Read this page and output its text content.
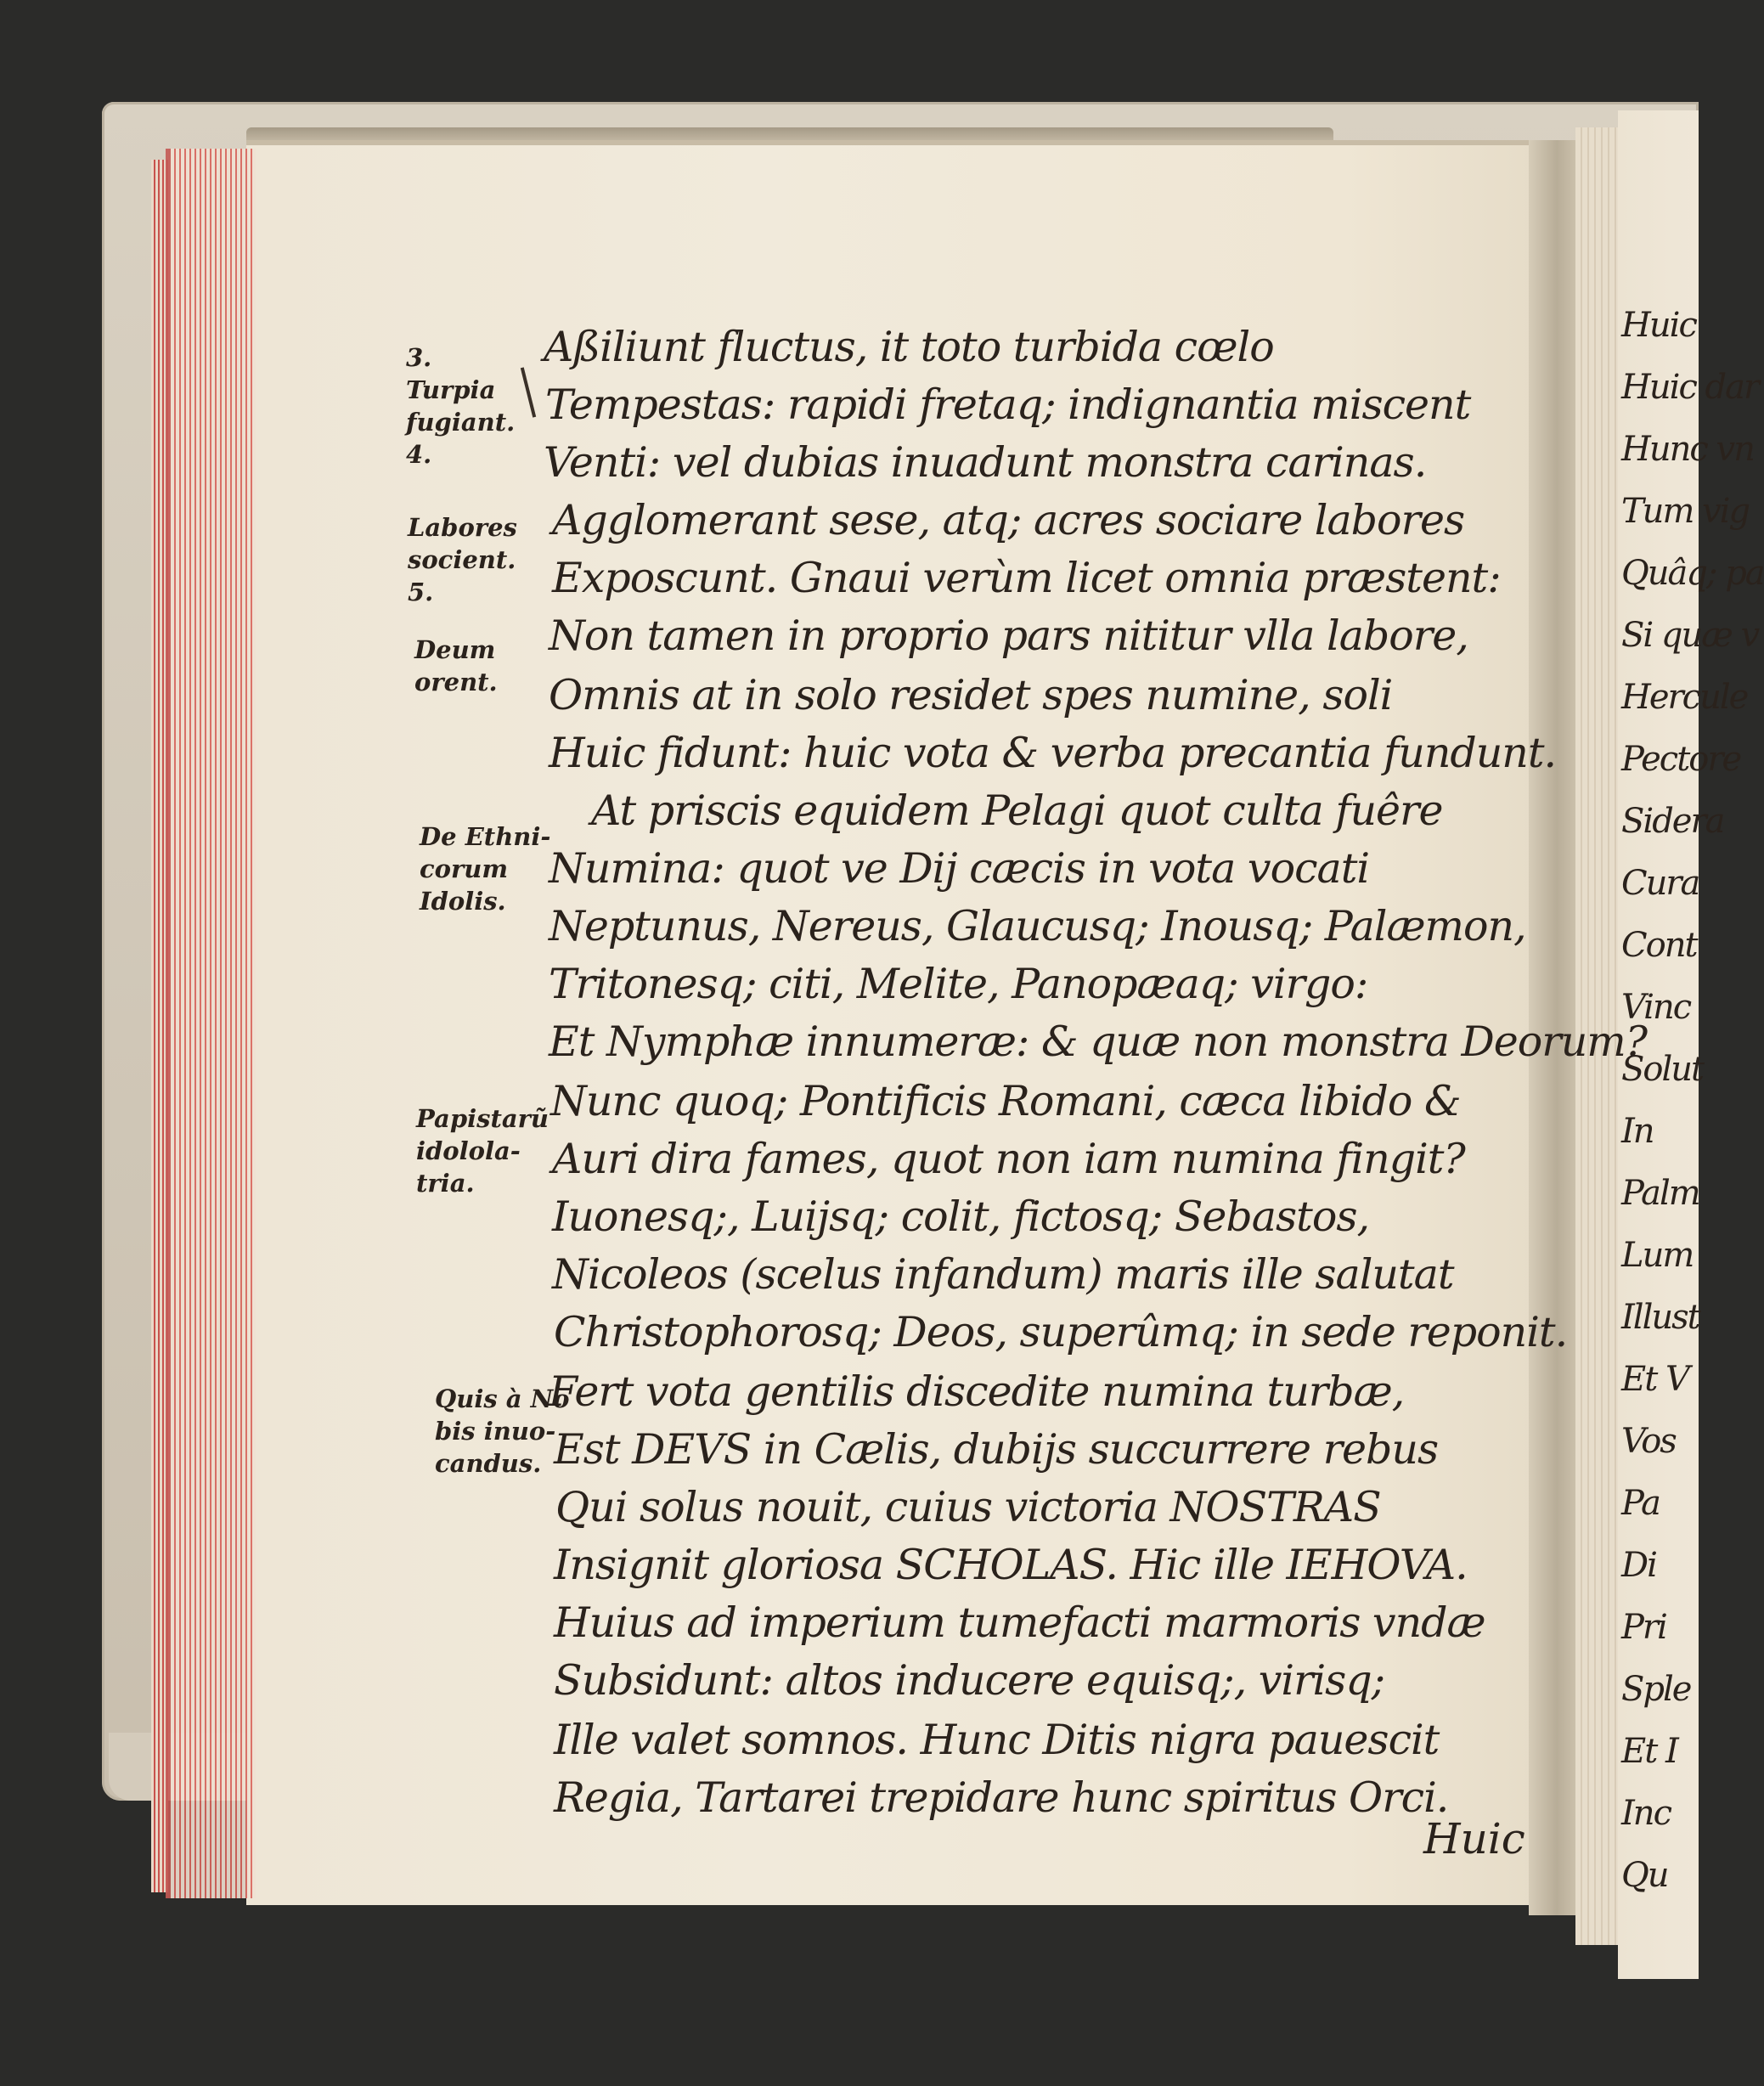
Huic
Huic dar
Hunc vn
Tum vig
Quâq; pa
Si quæ v
Hercule
Pectore
Sidera
Cura
Cont
Vinc
Solut
In
Palm
Lum
Illust
Et V
Vos
Pa
Di
Pri
Sple
Et I
Inc
Qu
Aßiliunt fluctus, it toto turbida cœlo
Tempestas: rapidi fretaq; indignantia miscent
Venti: vel dubias inuadunt monstra carinas.
Agglomerant sese, atq; acres sociare labores
Exposcunt. Gnaui verùm licet omnia præstent:
Non tamen in proprio pars nititur vlla labore,
Omnis at in solo residet spes numine, soli
Huic fidunt: huic vota & verba precantia fundunt.
At priscis equidem Pelagi quot culta fuêre
Numina: quot ve Dij cæcis in vota vocati
Neptunus, Nereus, Glaucusq; Inousq; Palæmon,
Tritonesq; citi, Melite, Panopæaq; virgo:
Et Nymphæ innumeræ: & quæ non monstra Deorum?
Nunc quoq; Pontificis Romani, cæca libido &
Auri dira fames, quot non iam numina fingit?
Iuonesq;, Luijsq; colit, fictosq; Sebastos,
Nicoleos (scelus infandum) maris ille salutat
Christophorosq; Deos, superûmq; in sede reponit.
Fert vota gentilis discedite numina turbæ,
Est DEVS in Cælis, dubijs succurrere rebus
Qui solus nouit, cuius victoria NOSTRAS
Insignit gloriosa SCHOLAS. Hic ille IEHOVA.
Huius ad imperium tumefacti marmoris vndæ
Subsidunt: altos inducere equisq;, virisq;
Ille valet somnos. Hunc Ditis nigra pauescit
Regia, Tartarei trepidare hunc spiritus Orci.
3.
Turpia
fugiant.
4.
Labores
socient.
5.
Deum
orent.
De Ethni-
corum
Idolis.
Papistarũ
idolola-
tria.
Quis à No
bis inuo-
candus.
Huic
